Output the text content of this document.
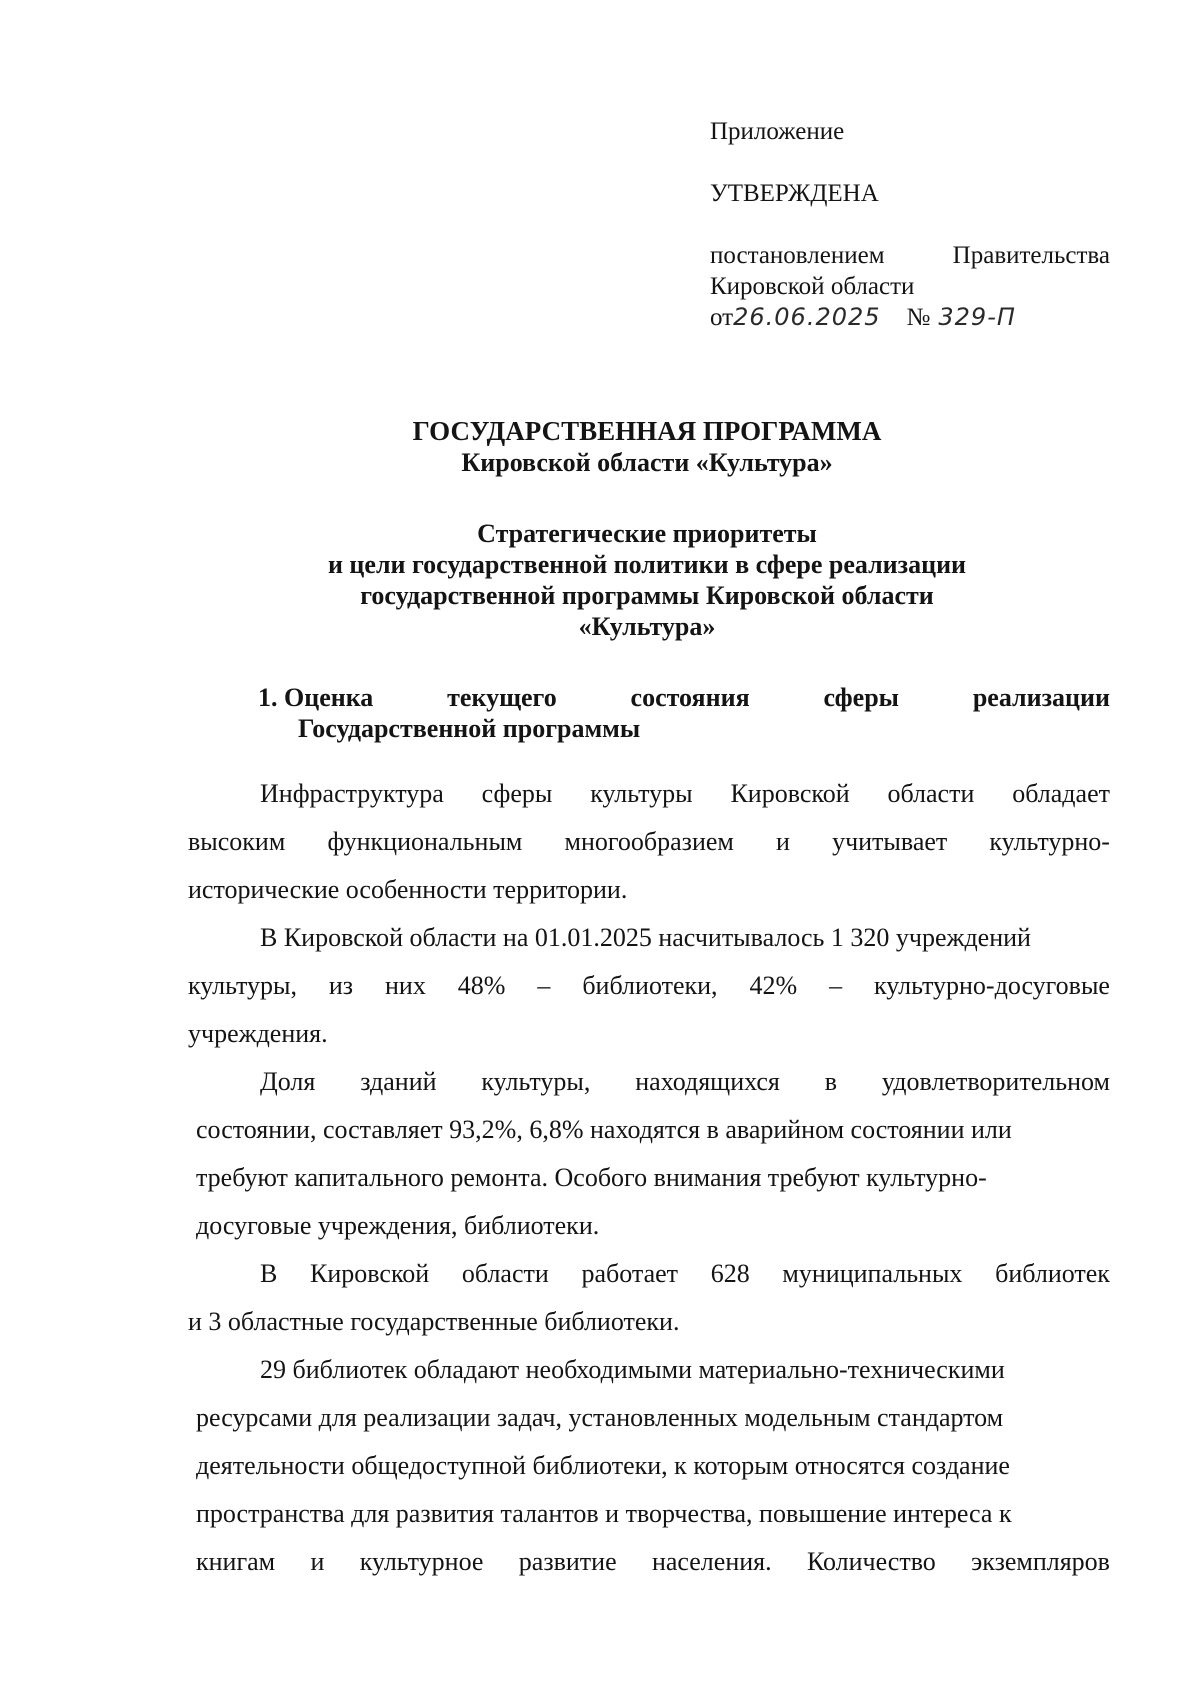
Приложение
УТВЕРЖДЕНА
постановлением	Правительства
Кировской области
от 26.06.2025 № 329-П
ГОСУДАРСТВЕННАЯ ПРОГРАММА
Кировской области «Культура»
Стратегические приоритеты
и цели государственной политики в сфере реализации
государственной программы Кировской области
«Культура»
1. Оценка	текущего	состояния	сферы	реализации
Государственной программы
Инфраструктура сферы культуры Кировской области обладает
высоким функциональным многообразием и учитывает культурно-
исторические особенности территории.
В Кировской области на 01.01.2025 насчитывалось 1 320 учреждений
культуры, из них 48% – библиотеки, 42% – культурно-досуговые
учреждения.
Доля зданий культуры, находящихся в удовлетворительном
состоянии, составляет 93,2%, 6,8% находятся в аварийном состоянии или
требуют капитального ремонта. Особого внимания требуют культурно-
досуговые учреждения, библиотеки.
В Кировской области работает 628 муниципальных библиотек
и 3 областные государственные библиотеки.
29 библиотек обладают необходимыми материально-техническими
ресурсами для реализации задач, установленных модельным стандартом
деятельности общедоступной библиотеки, к которым относятся создание
пространства для развития талантов и творчества, повышение интереса к
книгам и культурное развитие населения. Количество экземпляров
